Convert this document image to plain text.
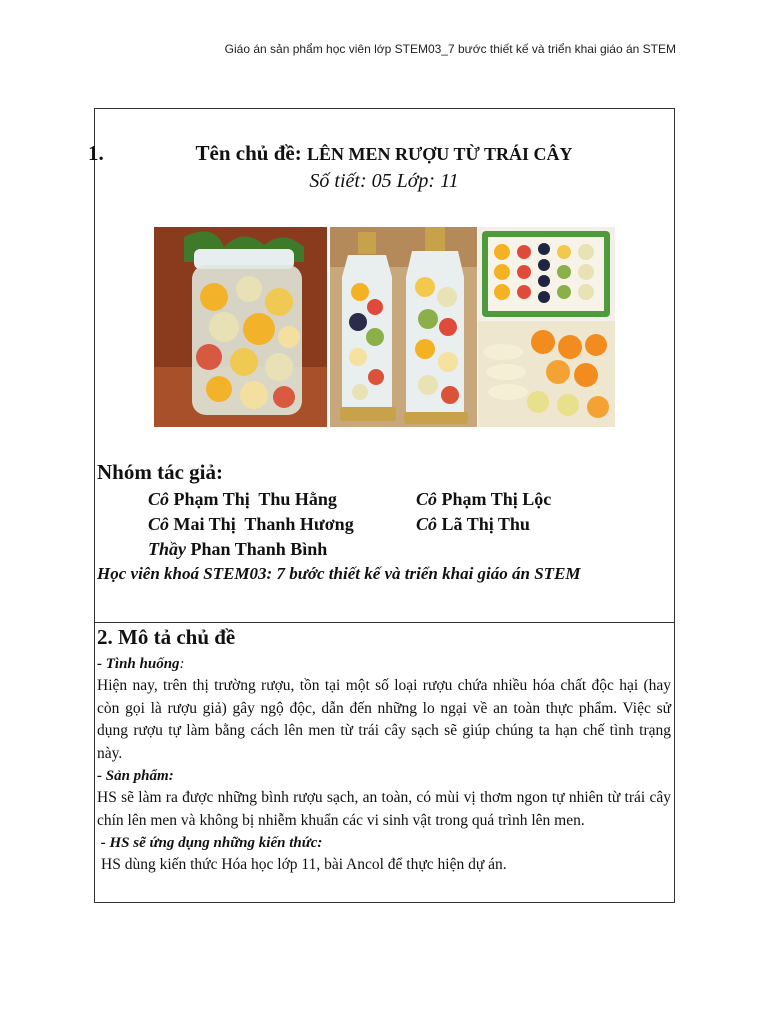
Giáo án sản phẩm học viên lớp STEM03_7 bước thiết kế và triển khai giáo án STEM
1.	Tên chủ đề: LÊN MEN RƯỢU TỪ TRÁI CÂY
Số tiết: 05 Lớp: 11
Nhóm tác giả:
Cô Phạm Thị  Thu Hằng	Cô Phạm Thị Lộc
Cô Mai Thị  Thanh Hương	Cô Lã Thị Thu
Thầy Phan Thanh Bình
Học viên khoá STEM03: 7 bước thiết kế và triển khai giáo án STEM
2. Mô tả chủ đề
- Tình huống:
Hiện nay, trên thị trường rượu, tồn tại một số loại rượu chứa nhiều hóa chất độc hại (hay còn gọi là rượu giả) gây ngộ độc, dẫn đến những lo ngại về an toàn thực phẩm. Việc sử dụng rượu tự làm bằng cách lên men từ trái cây sạch sẽ giúp chúng ta hạn chế tình trạng này.
- Sản phẩm:
HS sẽ làm ra được những bình rượu sạch, an toàn, có mùi vị thơm ngon tự nhiên từ trái cây chín lên men và không bị nhiễm khuẩn các vi sinh vật trong quá trình lên men.
- HS sẽ ứng dụng những kiến thức:
HS dùng kiến thức Hóa học lớp 11, bài Ancol để thực hiện dự án.
